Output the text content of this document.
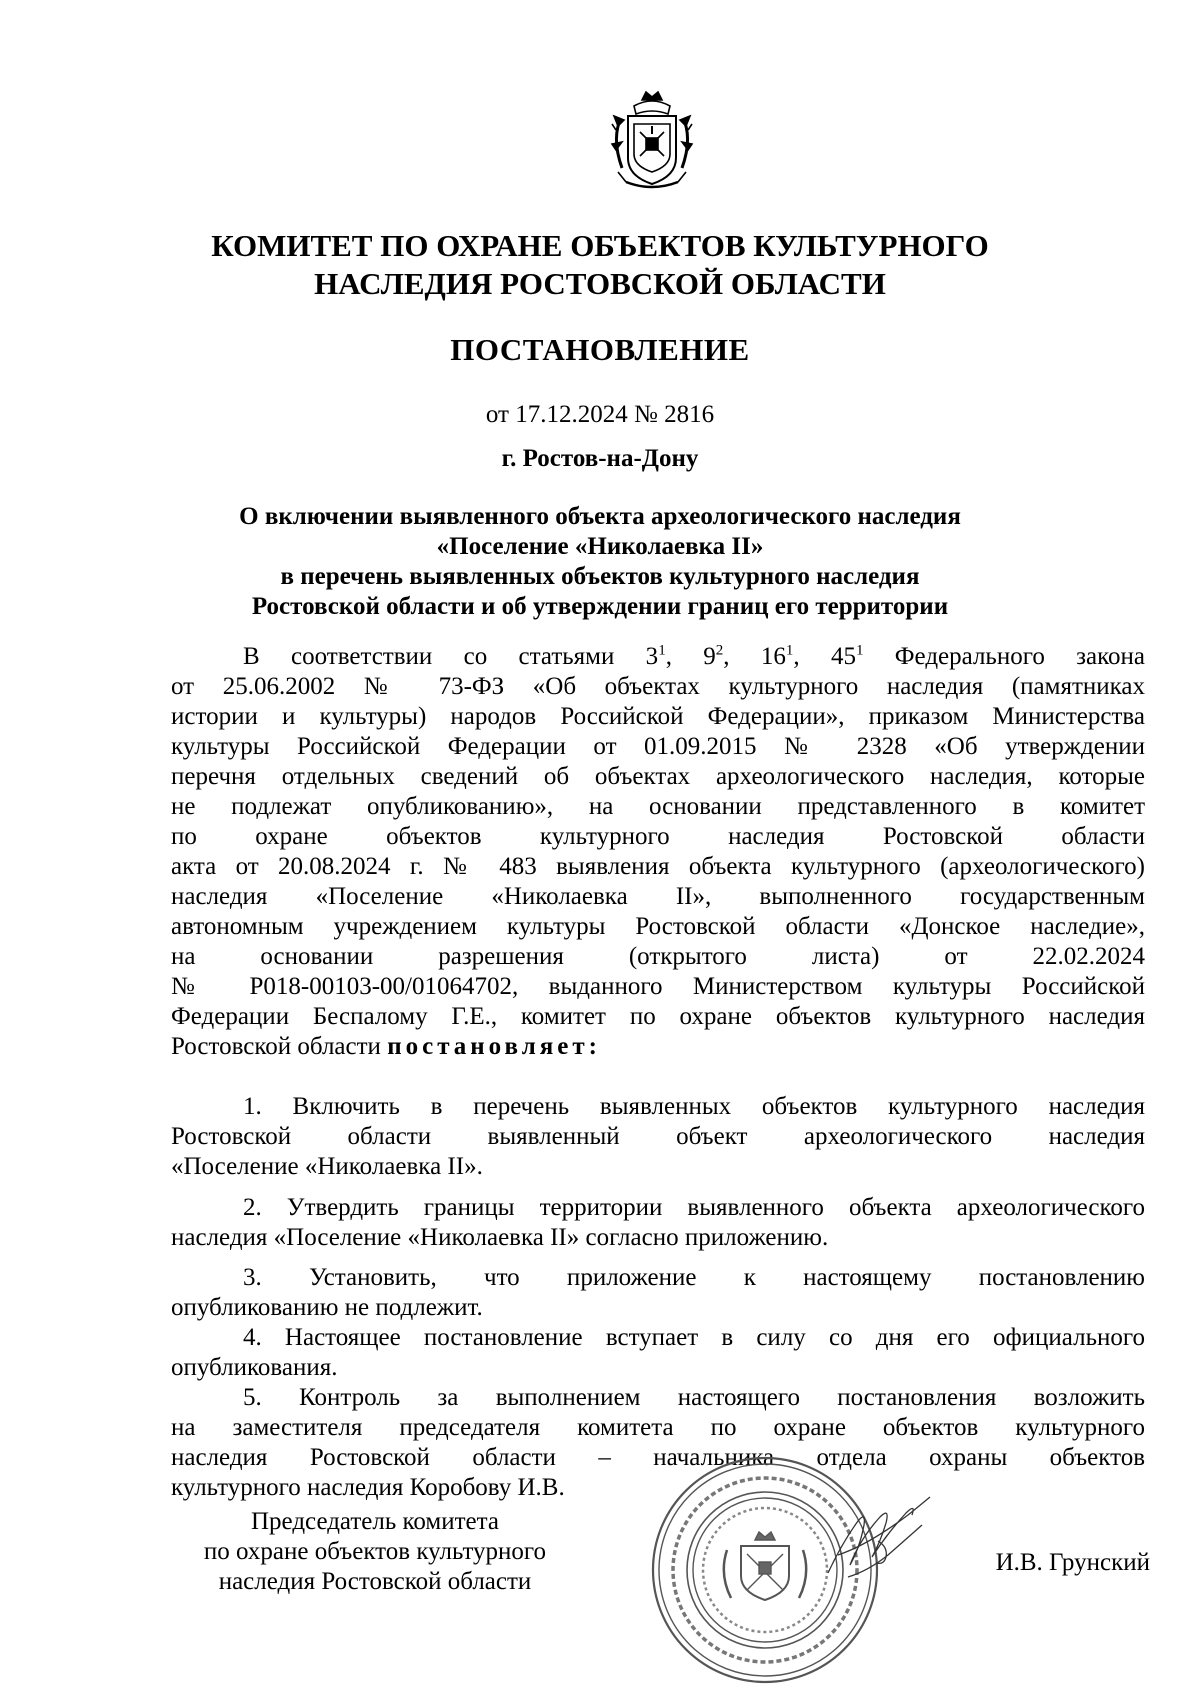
КОМИТЕТ ПО ОХРАНЕ ОБЪЕКТОВ КУЛЬТУРНОГО
НАСЛЕДИЯ РОСТОВСКОЙ ОБЛАСТИ
ПОСТАНОВЛЕНИЕ
от 17.12.2024 № 2816
г. Ростов-на-Дону
О включении выявленного объекта археологического наследия
«Поселение «Николаевка II»
в перечень выявленных объектов культурного наследия
Ростовской области и об утверждении границ его территории
В соответствии со статьями $3^1$, $9^2$, $16^1$, $45^1$ Федерального закона
от 25.06.2002 № 73-ФЗ «Об объектах культурного наследия (памятниках
истории и культуры) народов Российской Федерации», приказом Министерства
культуры Российской Федерации от 01.09.2015 № 2328 «Об утверждении
перечня отдельных сведений об объектах археологического наследия, которые
не подлежат опубликованию», на основании представленного в комитет
по охране объектов культурного наследия Ростовской области
акта от 20.08.2024 г. № 483 выявления объекта культурного (археологического)
наследия «Поселение «Николаевка II», выполненного государственным
автономным учреждением культуры Ростовской области «Донское наследие»,
на основании разрешения (открытого листа) от 22.02.2024
№ Р018-00103-00/01064702, выданного Министерством культуры Российской
Федерации Беспалому Г.Е., комитет по охране объектов культурного наследия
Ростовской области постановляет:
1. Включить в перечень выявленных объектов культурного наследия
Ростовской области выявленный объект археологического наследия
«Поселение «Николаевка II».
2. Утвердить границы территории выявленного объекта археологического
наследия «Поселение «Николаевка II» согласно приложению.
3. Установить, что приложение к настоящему постановлению
опубликованию не подлежит.
4. Настоящее постановление вступает в силу со дня его официального
опубликования.
5. Контроль за выполнением настоящего постановления возложить
на заместителя председателя комитета по охране объектов культурного
наследия Ростовской области – начальника отдела охраны объектов
культурного наследия Коробову И.В.
Председатель комитета
по охране объектов культурного
наследия Ростовской области
И.В. Грунский
